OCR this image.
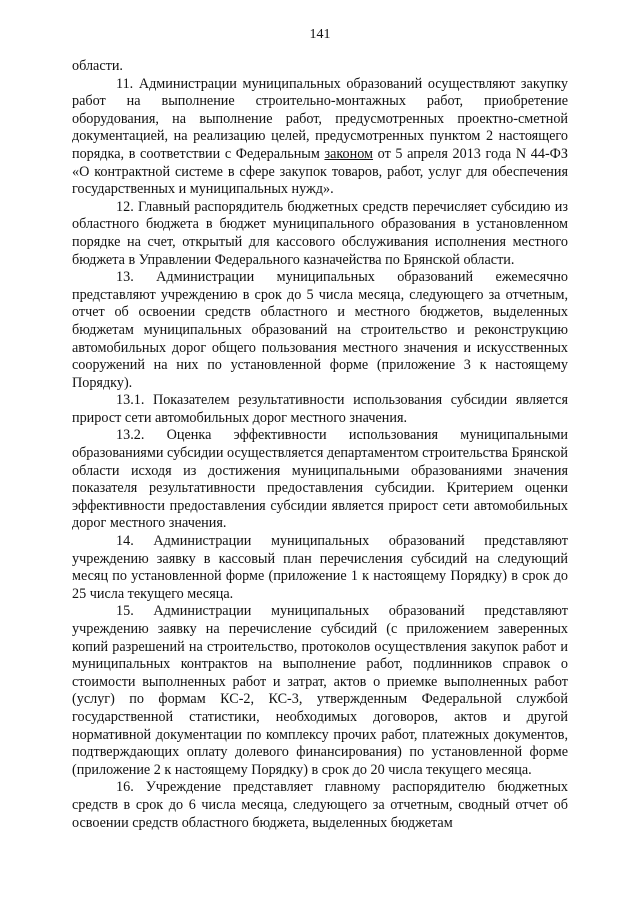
141

области.

11. Администрации муниципальных образований осуществляют закупку работ на выполнение строительно-монтажных работ, приобретение оборудования, на выполнение работ, предусмотренных проектно-сметной документацией, на реализацию целей, предусмотренных пунктом 2 настоящего порядка, в соответствии с Федеральным законом от 5 апреля 2013 года N 44-ФЗ «О контрактной системе в сфере закупок товаров, работ, услуг для обеспечения государственных и муниципальных нужд».

12. Главный распорядитель бюджетных средств перечисляет субсидию из областного бюджета в бюджет муниципального образования в установленном порядке на счет, открытый для кассового обслуживания исполнения местного бюджета в Управлении Федерального казначейства по Брянской области.

13. Администрации муниципальных образований ежемесячно представляют учреждению в срок до 5 числа месяца, следующего за отчетным, отчет об освоении средств областного и местного бюджетов, выделенных бюджетам муниципальных образований на строительство и реконструкцию автомобильных дорог общего пользования местного значения и искусственных сооружений на них по установленной форме (приложение 3 к настоящему Порядку).

13.1. Показателем результативности использования субсидии является прирост сети автомобильных дорог местного значения.

13.2. Оценка эффективности использования муниципальными образованиями субсидии осуществляется департаментом строительства Брянской области исходя из достижения муниципальными образованиями значения показателя результативности предоставления субсидии. Критерием оценки эффективности предоставления субсидии является прирост сети автомобильных дорог местного значения.

14. Администрации муниципальных образований представляют учреждению заявку в кассовый план перечисления субсидий на следующий месяц по установленной форме (приложение 1 к настоящему Порядку) в срок до 25 числа текущего месяца.

15. Администрации муниципальных образований представляют учреждению заявку на перечисление субсидий (с приложением заверенных копий разрешений на строительство, протоколов осуществления закупок работ и муниципальных контрактов на выполнение работ, подлинников справок о стоимости выполненных работ и затрат, актов о приемке выполненных работ (услуг) по формам КС-2, КС-3, утвержденным Федеральной службой государственной статистики, необходимых договоров, актов и другой нормативной документации по комплексу прочих работ, платежных документов, подтверждающих оплату долевого финансирования) по установленной форме (приложение 2 к настоящему Порядку) в срок до 20 числа текущего месяца.

16. Учреждение представляет главному распорядителю бюджетных средств в срок до 6 числа месяца, следующего за отчетным, сводный отчет об освоении средств областного бюджета, выделенных бюджетам
